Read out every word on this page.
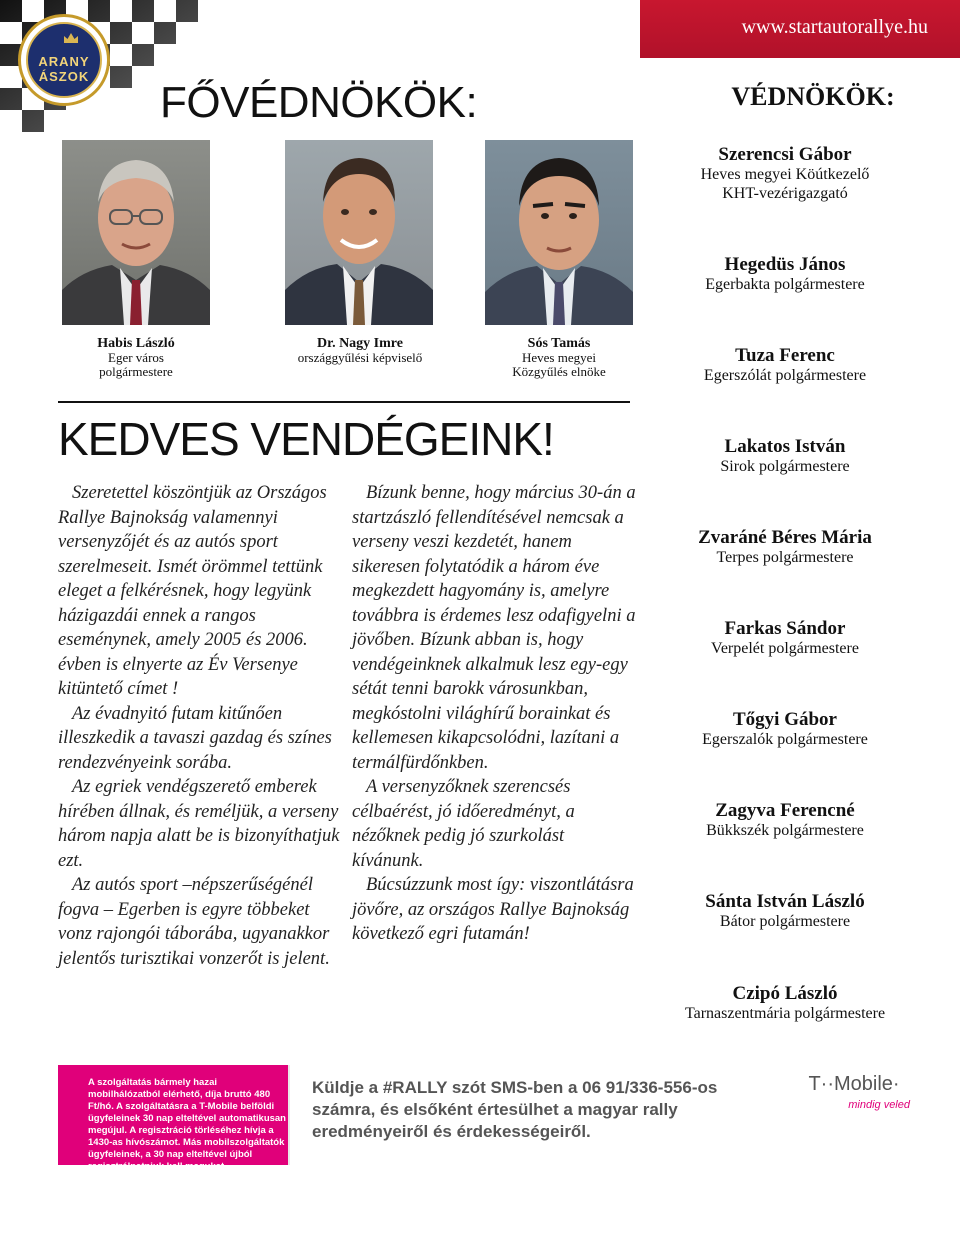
www.startautorallye.hu
ARANY
ÁSZOK
FŐVÉDNÖKÖK:	VÉDNÖKÖK:
Habis László
Eger város
polgármestere
Dr. Nagy Imre
országgyűlési képviselő
Sós Tamás
Heves megyei
Közgyűlés elnöke
Szerencsi Gábor
Heves megyei Köútkezelő
KHT-vezérigazgató
Hegedüs János
Egerbakta polgármestere
Tuza Ferenc
Egerszólát polgármestere
Lakatos István
Sirok polgármestere
Zvaráné Béres Mária
Terpes polgármestere
Farkas Sándor
Verpelét polgármestere
Tőgyi Gábor
Egerszalók polgármestere
Zagyva Ferencné
Bükkszék polgármestere
Sánta István László
Bátor polgármestere
Czipó László
Tarnaszentmária polgármestere
KEDVES VENDÉGEINK!

Szeretettel köszöntjük az Országos Rallye Bajnokság valamennyi versenyzőjét és az autós sport szerelmeseit. Ismét örömmel tettünk eleget a felkérésnek, hogy legyünk házigazdái ennek a rangos eseménynek, amely 2005 és 2006. évben is elnyerte az Év Versenye kitüntető címet !

Az évadnyitó futam kitűnően illeszkedik a tavaszi gazdag és színes rendezvényeink sorába.

Az egriek vendégszerető emberek hírében állnak, és reméljük, a verseny három napja alatt be is bizonyíthatjuk ezt.

Az autós sport –népszerűségénél fogva – Egerben is egyre többeket vonz rajongói táborába, ugyanakkor jelentős turisztikai vonzerőt is jelent.

Bízunk benne, hogy március 30-án a startzászló fellendítésével nemcsak a verseny veszi kezdetét, hanem sikeresen folytatódik a három éve megkezdett hagyomány is, amelyre továbbra is érdemes lesz odafigyelni a jövőben. Bízunk abban is, hogy vendégeinknek alkalmuk lesz egy-egy sétát tenni barokk városunkban, megkóstolni világhírű borainkat és kellemesen kikapcsolódni, lazítani a termálfürdőnkben.

A versenyzőknek szerencsés célbaérést, jó időeredményt, a nézőknek pedig jó szurkolást kívánunk.

Búcsúzzunk most így: viszontlátásra jövőre, az országos Rallye Bajnokság következő egri futamán!

A szolgáltatás bármely hazai mobilhálózatból elérhető, díja bruttó 480 Ft/hó. A szolgáltatásra a T-Mobile belföldi ügyfeleinek 30 nap elteltével automatikusan megújul. A regisztráció törléséhez hívja a 1430-as hívószámot. Más mobilszolgáltatók ügyfeleinek, a 30 nap elteltével újból regisztrálnatniuk kell magukat.
Küldje a #RALLY szót SMS-ben a 06 91/336-556-os számra, és elsőként értesülhet a magyar rally eredményeiről és érdekességeiről.
T··Mobile·
mindig veled
